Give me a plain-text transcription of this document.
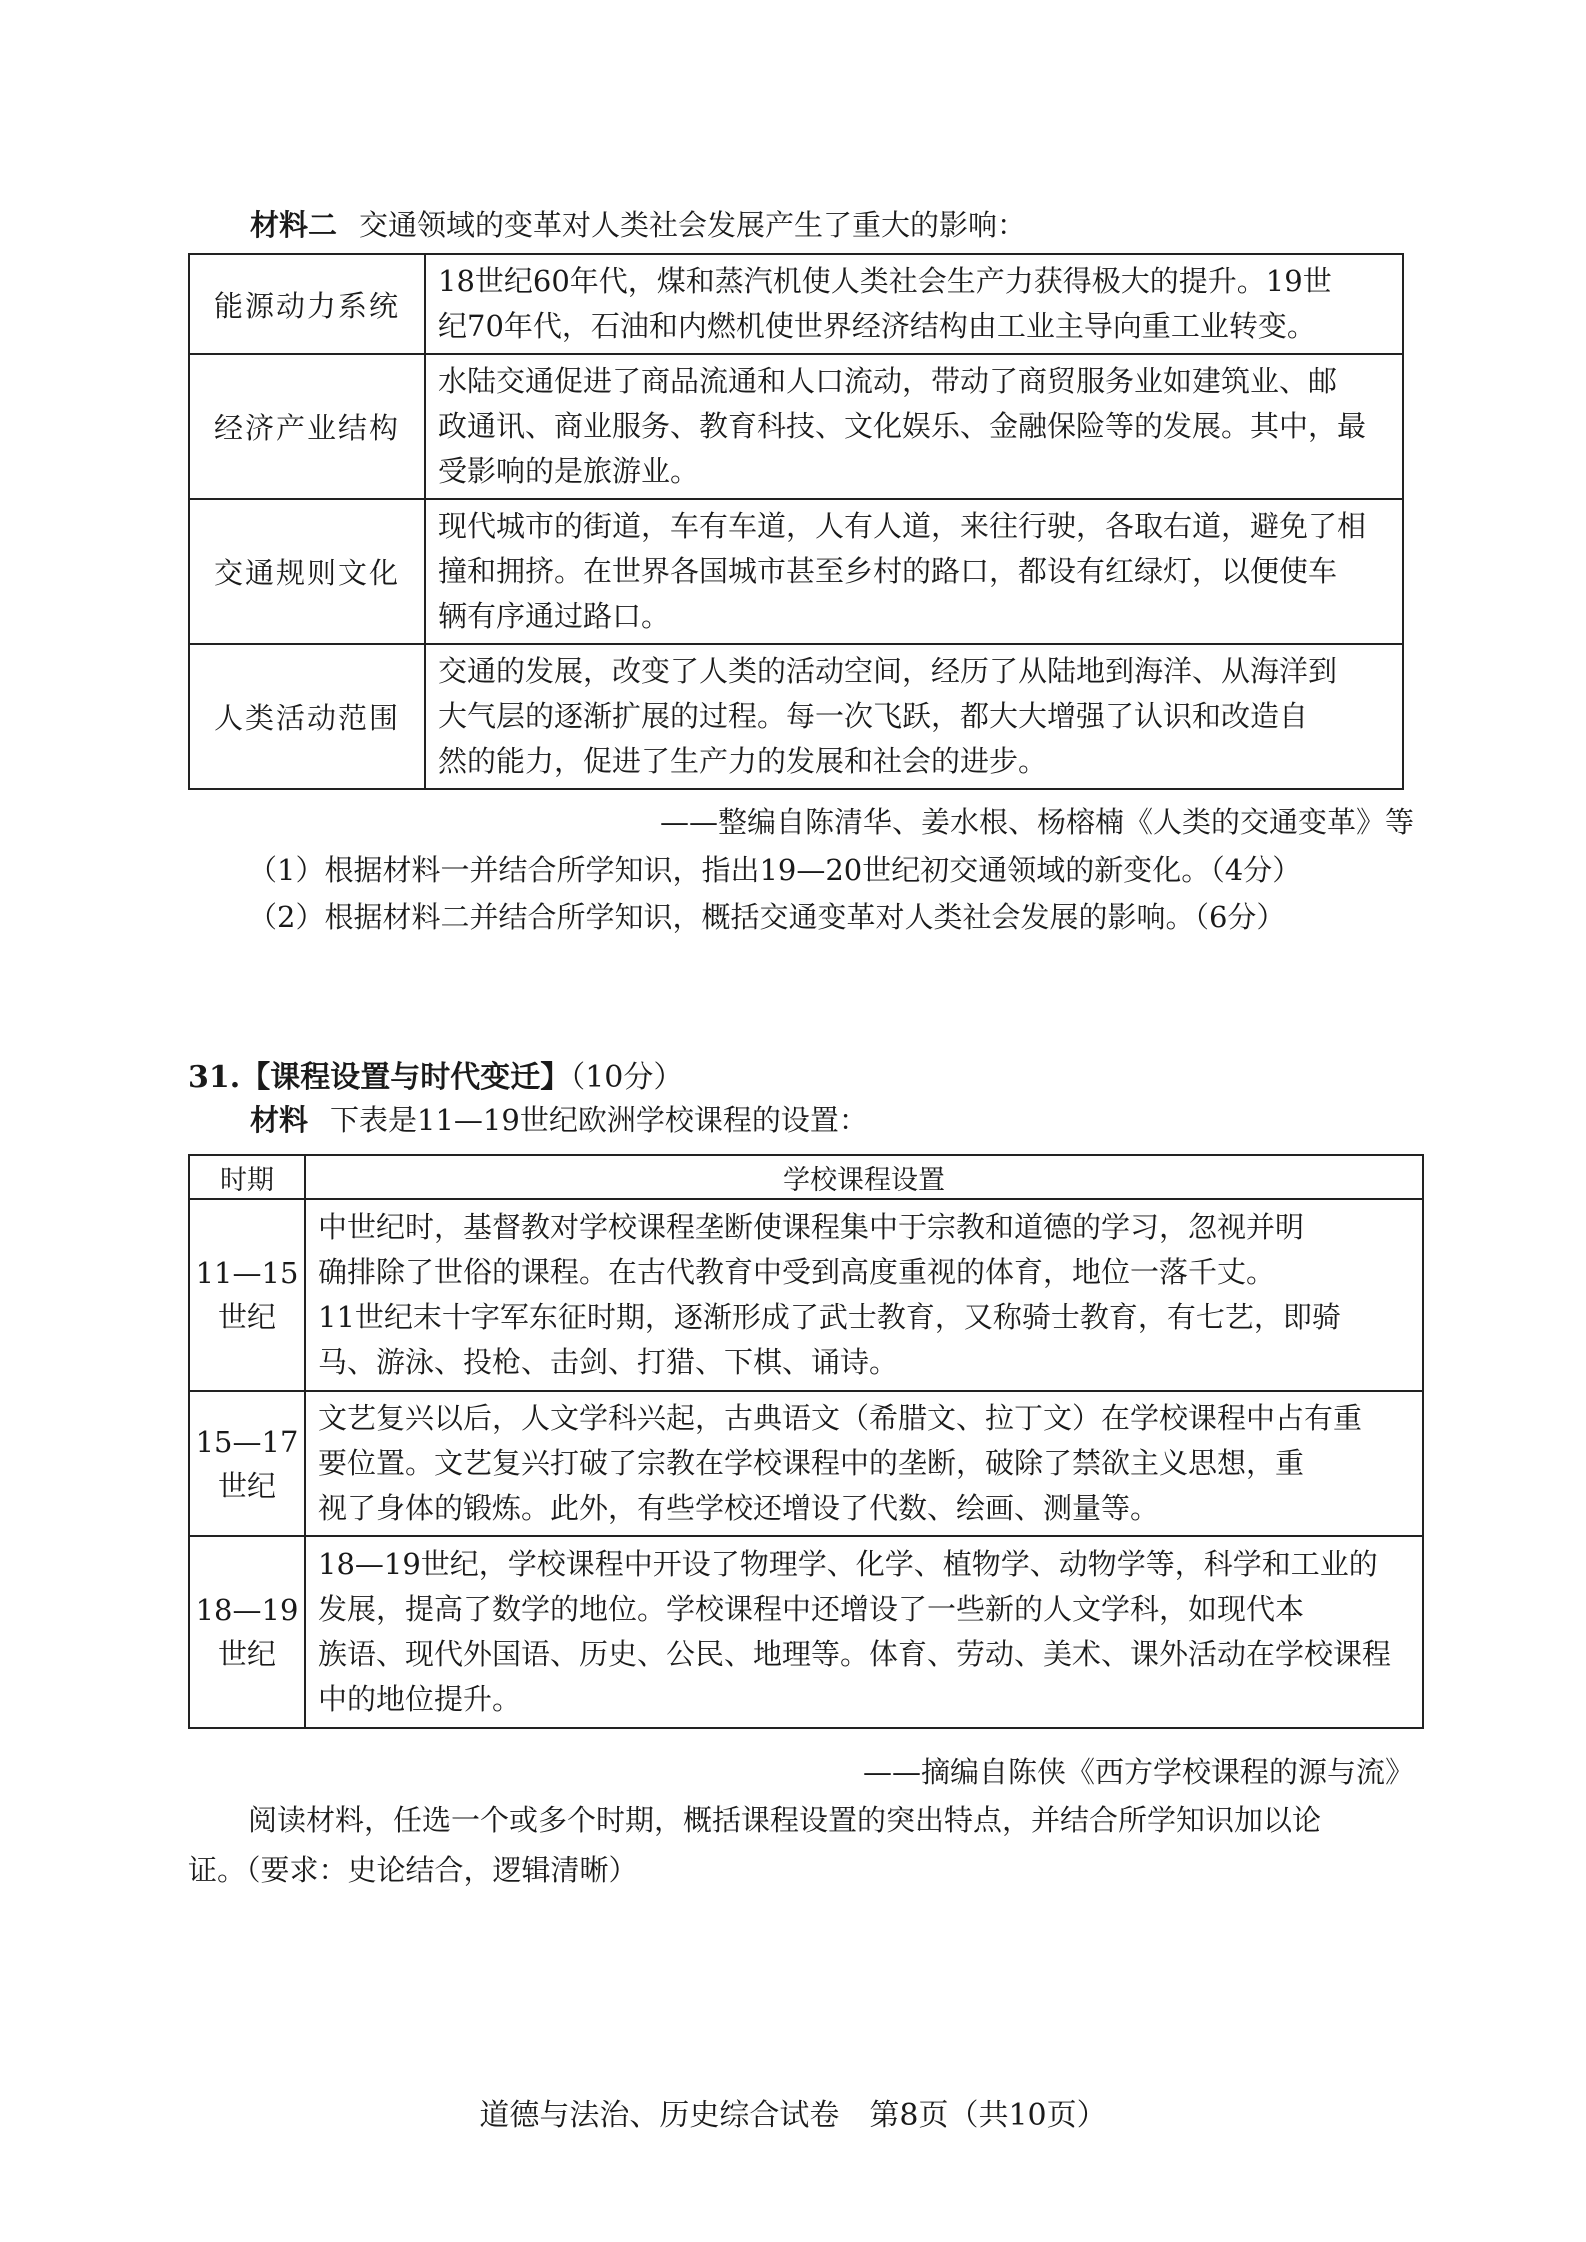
材料二 交通领域的变革对人类社会发展产生了重大的影响：
能源动力系统	18世纪60年代，煤和蒸汽机使人类社会生产力获得极大的提升。19世
纪70年代，石油和内燃机使世界经济结构由工业主导向重工业转变。

经济产业结构	水陆交通促进了商品流通和人口流动，带动了商贸服务业如建筑业、邮
政通讯、商业服务、教育科技、文化娱乐、金融保险等的发展。其中，最
受影响的是旅游业。

交通规则文化	现代城市的街道，车有车道，人有人道，来往行驶，各取右道，避免了相
撞和拥挤。在世界各国城市甚至乡村的路口，都设有红绿灯，以便使车
辆有序通过路口。

人类活动范围	交通的发展，改变了人类的活动空间，经历了从陆地到海洋、从海洋到
大气层的逐渐扩展的过程。每一次飞跃，都大大增强了认识和改造自
然的能力，促进了生产力的发展和社会的进步。
——整编自陈清华、姜水根、杨榕楠《人类的交通变革》等
（1）根据材料一并结合所学知识，指出19—20世纪初交通领域的新变化。（4分）
（2）根据材料二并结合所学知识，概括交通变革对人类社会发展的影响。（6分）
31.【课程设置与时代变迁】（10分）
材料 下表是11—19世纪欧洲学校课程的设置：
时期	学校课程设置

11—15
世纪	中世纪时，基督教对学校课程垄断使课程集中于宗教和道德的学习，忽视并明
确排除了世俗的课程。在古代教育中受到高度重视的体育，地位一落千丈。
11世纪末十字军东征时期，逐渐形成了武士教育，又称骑士教育，有七艺，即骑
马、游泳、投枪、击剑、打猎、下棋、诵诗。

15—17
世纪	文艺复兴以后，人文学科兴起，古典语文（希腊文、拉丁文）在学校课程中占有重
要位置。文艺复兴打破了宗教在学校课程中的垄断，破除了禁欲主义思想，重
视了身体的锻炼。此外，有些学校还增设了代数、绘画、测量等。

18—19
世纪	18—19世纪，学校课程中开设了物理学、化学、植物学、动物学等，科学和工业的
发展，提高了数学的地位。学校课程中还增设了一些新的人文学科，如现代本
族语、现代外国语、历史、公民、地理等。体育、劳动、美术、课外活动在学校课程
中的地位提升。
——摘编自陈侠《西方学校课程的源与流》
阅读材料，任选一个或多个时期，概括课程设置的突出特点，并结合所学知识加以论
证。（要求：史论结合，逻辑清晰）
道德与法治、历史综合试卷　第8页（共10页）
